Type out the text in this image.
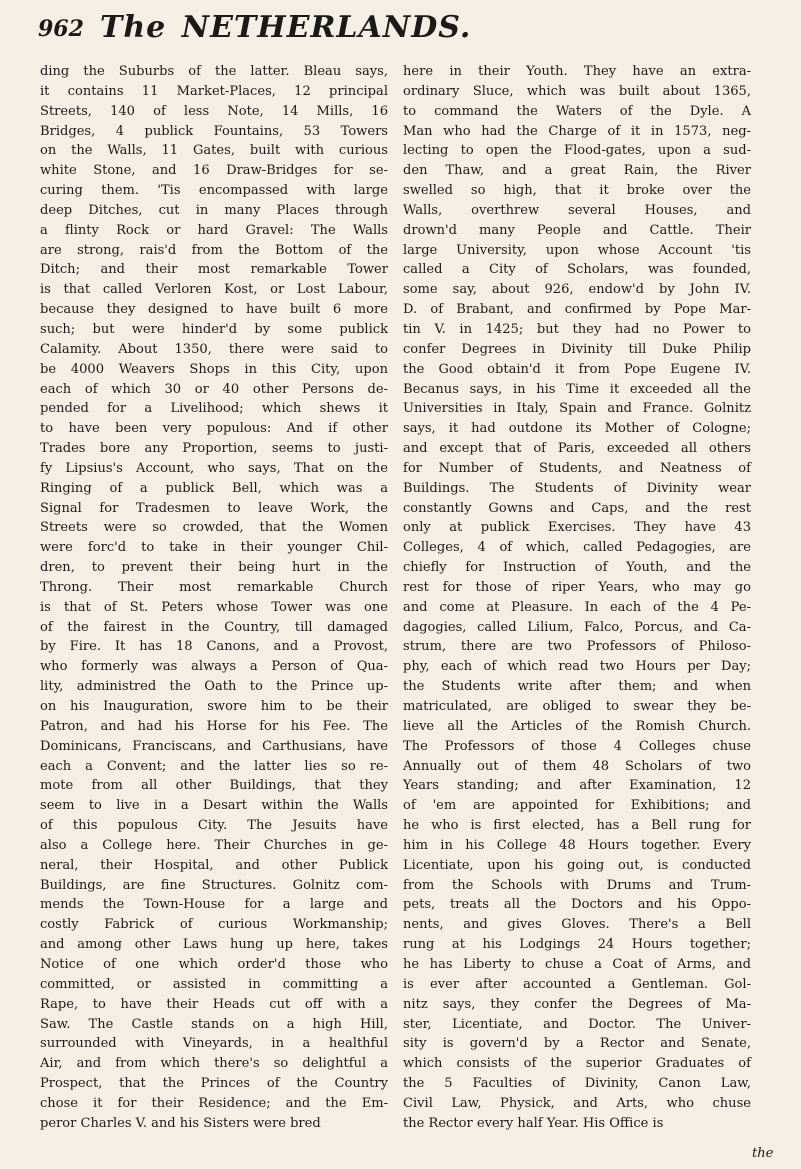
962 The NETHERLANDS.
ding the Suburbs of the latter. Bleau says,
it contains 11 Market-Places, 12 principal
Streets, 140 of less Note, 14 Mills, 16
Bridges, 4 publick Fountains, 53 Towers
on the Walls, 11 Gates, built with curious
white Stone, and 16 Draw-Bridges for se-
curing them. 'Tis encompassed with large
deep Ditches, cut in many Places through
a flinty Rock or hard Gravel: The Walls
are strong, rais'd from the Bottom of the
Ditch; and their most remarkable Tower
is that called Verloren Kost, or Lost Labour,
because they designed to have built 6 more
such; but were hinder'd by some publick
Calamity. About 1350, there were said to
be 4000 Weavers Shops in this City, upon
each of which 30 or 40 other Persons de-
pended for a Livelihood; which shews it
to have been very populous: And if other
Trades bore any Proportion, seems to justi-
fy Lipsius's Account, who says, That on the
Ringing of a publick Bell, which was a
Signal for Tradesmen to leave Work, the
Streets were so crowded, that the Women
were forc'd to take in their younger Chil-
dren, to prevent their being hurt in the
Throng. Their most remarkable Church
is that of St. Peters whose Tower was one
of the fairest in the Country, till damaged
by Fire. It has 18 Canons, and a Provost,
who formerly was always a Person of Qua-
lity, administred the Oath to the Prince up-
on his Inauguration, swore him to be their
Patron, and had his Horse for his Fee. The
Dominicans, Franciscans, and Carthusians, have
each a Convent; and the latter lies so re-
mote from all other Buildings, that they
seem to live in a Desart within the Walls
of this populous City. The Jesuits have
also a College here. Their Churches in ge-
neral, their Hospital, and other Publick
Buildings, are fine Structures. Golnitz com-
mends the Town-House for a large and
costly Fabrick of curious Workmanship;
and among other Laws hung up here, takes
Notice of one which order'd those who
committed, or assisted in committing a
Rape, to have their Heads cut off with a
Saw. The Castle stands on a high Hill,
surrounded with Vineyards, in a healthful
Air, and from which there's so delightful a
Prospect, that the Princes of the Country
chose it for their Residence; and the Em-
peror Charles V. and his Sisters were bred
here in their Youth. They have an extra-
ordinary Sluce, which was built about 1365,
to command the Waters of the Dyle. A
Man who had the Charge of it in 1573, neg-
lecting to open the Flood-gates, upon a sud-
den Thaw, and a great Rain, the River
swelled so high, that it broke over the
Walls, overthrew several Houses, and
drown'd many People and Cattle. Their
large University, upon whose Account 'tis
called a City of Scholars, was founded,
some say, about 926, endow'd by John IV.
D. of Brabant, and confirmed by Pope Mar-
tin V. in 1425; but they had no Power to
confer Degrees in Divinity till Duke Philip
the Good obtain'd it from Pope Eugene IV.
Becanus says, in his Time it exceeded all the
Universities in Italy, Spain and France. Golnitz
says, it had outdone its Mother of Cologne;
and except that of Paris, exceeded all others
for Number of Students, and Neatness of
Buildings. The Students of Divinity wear
constantly Gowns and Caps, and the rest
only at publick Exercises. They have 43
Colleges, 4 of which, called Pedagogies, are
chiefly for Instruction of Youth, and the
rest for those of riper Years, who may go
and come at Pleasure. In each of the 4 Pe-
dagogies, called Lilium, Falco, Porcus, and Ca-
strum, there are two Professors of Philoso-
phy, each of which read two Hours per Day;
the Students write after them; and when
matriculated, are obliged to swear they be-
lieve all the Articles of the Romish Church.
The Professors of those 4 Colleges chuse
Annually out of them 48 Scholars of two
Years standing; and after Examination, 12
of 'em are appointed for Exhibitions; and
he who is first elected, has a Bell rung for
him in his College 48 Hours together. Every
Licentiate, upon his going out, is conducted
from the Schools with Drums and Trum-
pets, treats all the Doctors and his Oppo-
nents, and gives Gloves. There's a Bell
rung at his Lodgings 24 Hours together;
he has Liberty to chuse a Coat of Arms, and
is ever after accounted a Gentleman. Gol-
nitz says, they confer the Degrees of Ma-
ster, Licentiate, and Doctor. The Univer-
sity is govern'd by a Rector and Senate,
which consists of the superior Graduates of
the 5 Faculties of Divinity, Canon Law,
Civil Law, Physick, and Arts, who chuse
the Rector every half Year. His Office is
the
